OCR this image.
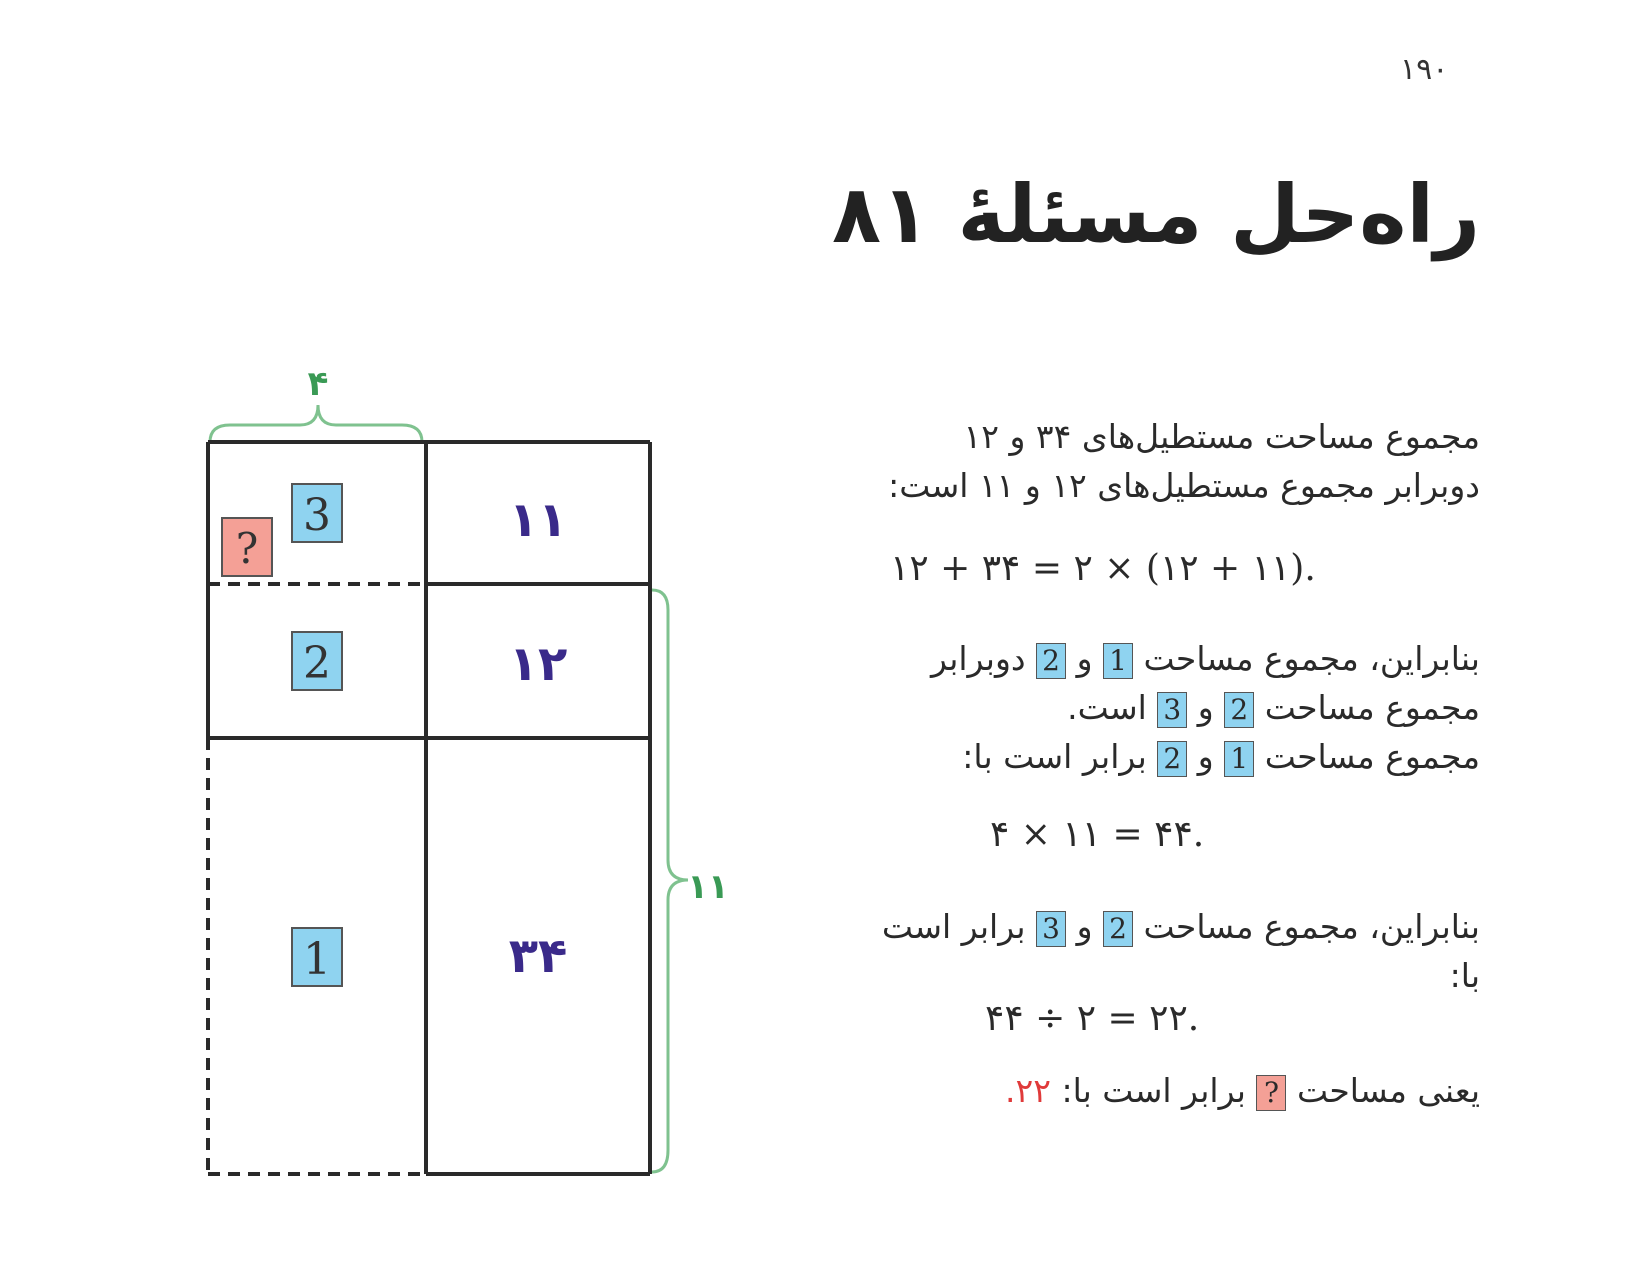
۱۹۰
راه‌حل مسئلهٔ ۸۱
۴
۱۱
۱۱
۱۲
۳۴
3
?
2
1
مجموع مساحت مستطیل‌های ۳۴ و ۱۲
دوبرابر مجموع مستطیل‌های ۱۲ و ۱۱ است:
۱۲ + ۳۴ = ۲ × (۱۲ + ۱۱).
بنابراین، مجموع مساحت 1 و 2 دوبرابر
مجموع مساحت 2 و 3 است.
مجموع مساحت 1 و 2 برابر است با:
۴ × ۱۱ = ۴۴.
بنابراین، مجموع مساحت 2 و 3 برابر است
با:
۴۴ ÷ ۲ = ۲۲.
یعنی مساحت ? برابر است با: ۲۲.
